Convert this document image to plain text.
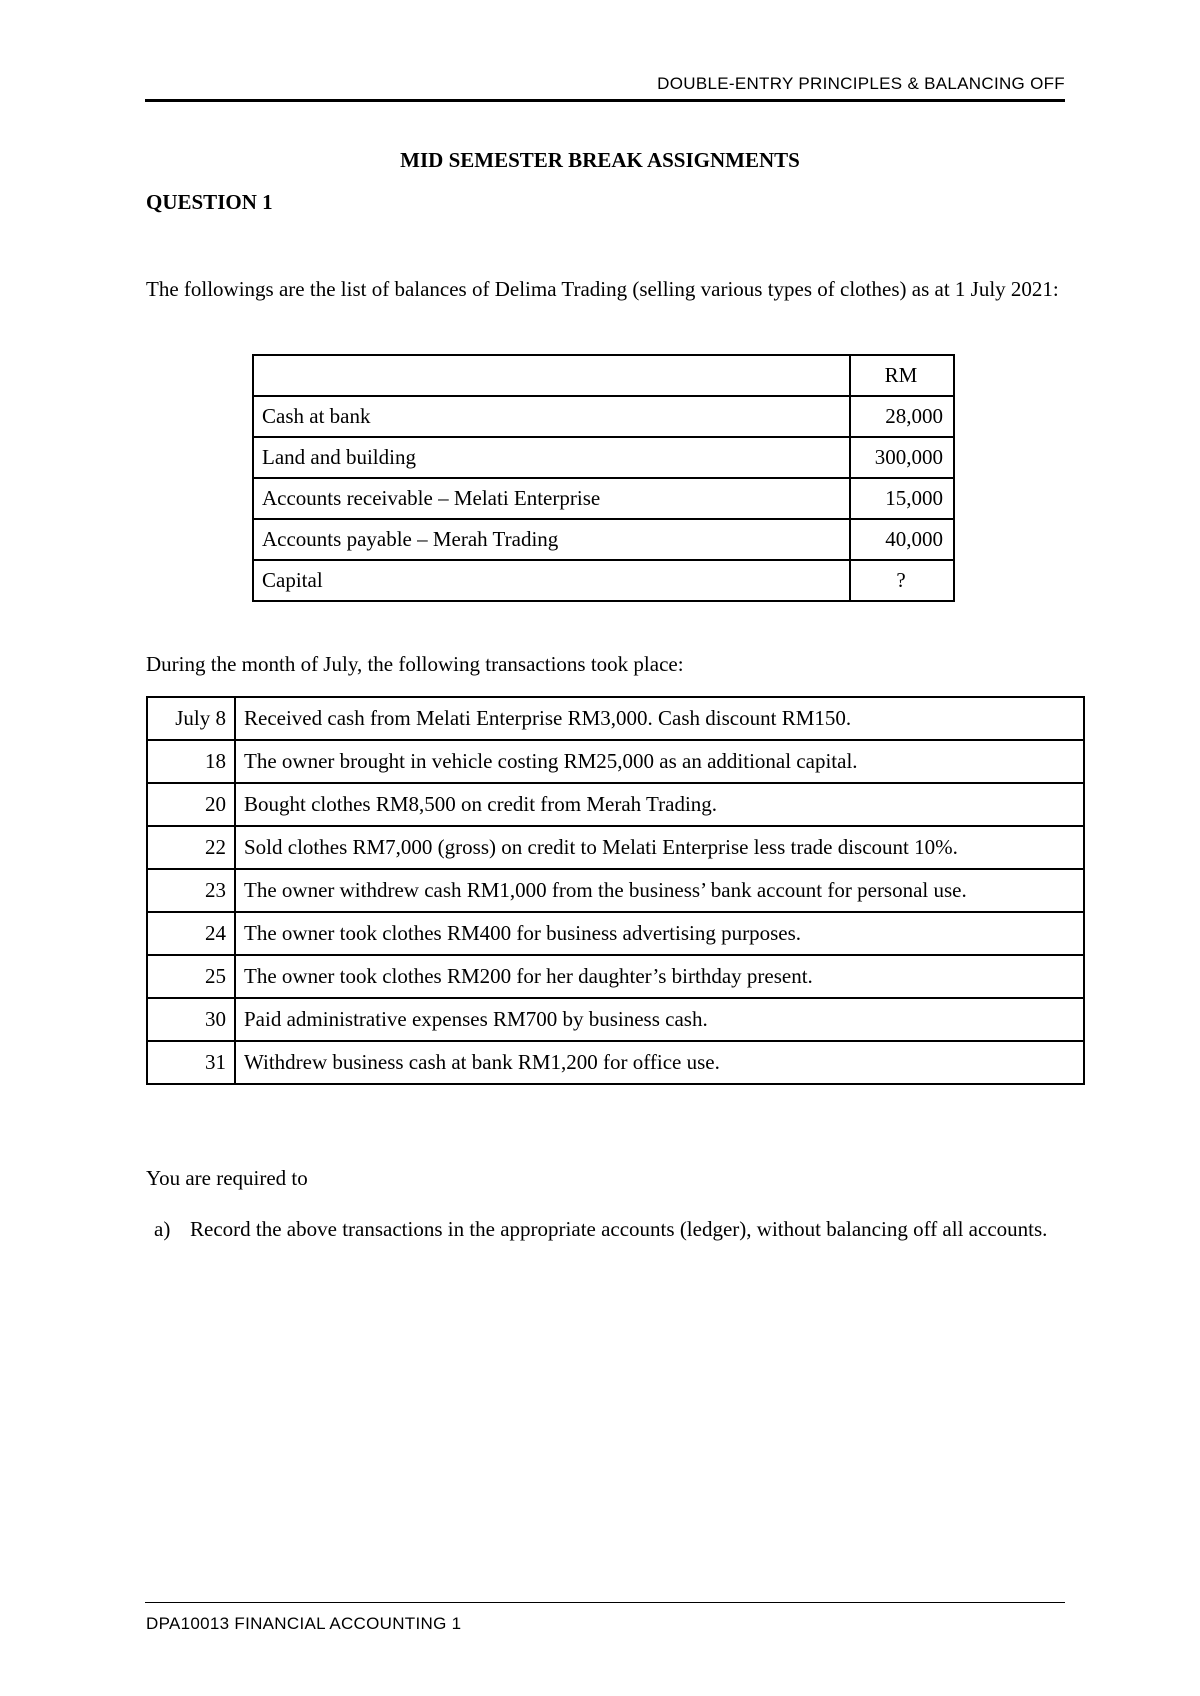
DOUBLE-ENTRY PRINCIPLES & BALANCING OFF
MID SEMESTER BREAK ASSIGNMENTS
QUESTION 1
The followings are the list of balances of Delima Trading (selling various types of clothes) as at 1 July 2021:
	RM
Cash at bank	28,000
Land and building	300,000
Accounts receivable – Melati Enterprise	15,000
Accounts payable – Merah Trading	40,000
Capital	?
During the month of July, the following transactions took place:
July 8	Received cash from Melati Enterprise RM3,000. Cash discount RM150.
18	The owner brought in vehicle costing RM25,000 as an additional capital.
20	Bought clothes RM8,500 on credit from Merah Trading.
22	Sold clothes RM7,000 (gross) on credit to Melati Enterprise less trade discount 10%.
23	The owner withdrew cash RM1,000 from the business’ bank account for personal use.
24	The owner took clothes RM400 for business advertising purposes.
25	The owner took clothes RM200 for her daughter’s birthday present.
30	Paid administrative expenses RM700 by business cash.
31	Withdrew business cash at bank RM1,200 for office use.
You are required to
a) Record the above transactions in the appropriate accounts (ledger), without balancing off all accounts.
DPA10013 FINANCIAL ACCOUNTING 1
